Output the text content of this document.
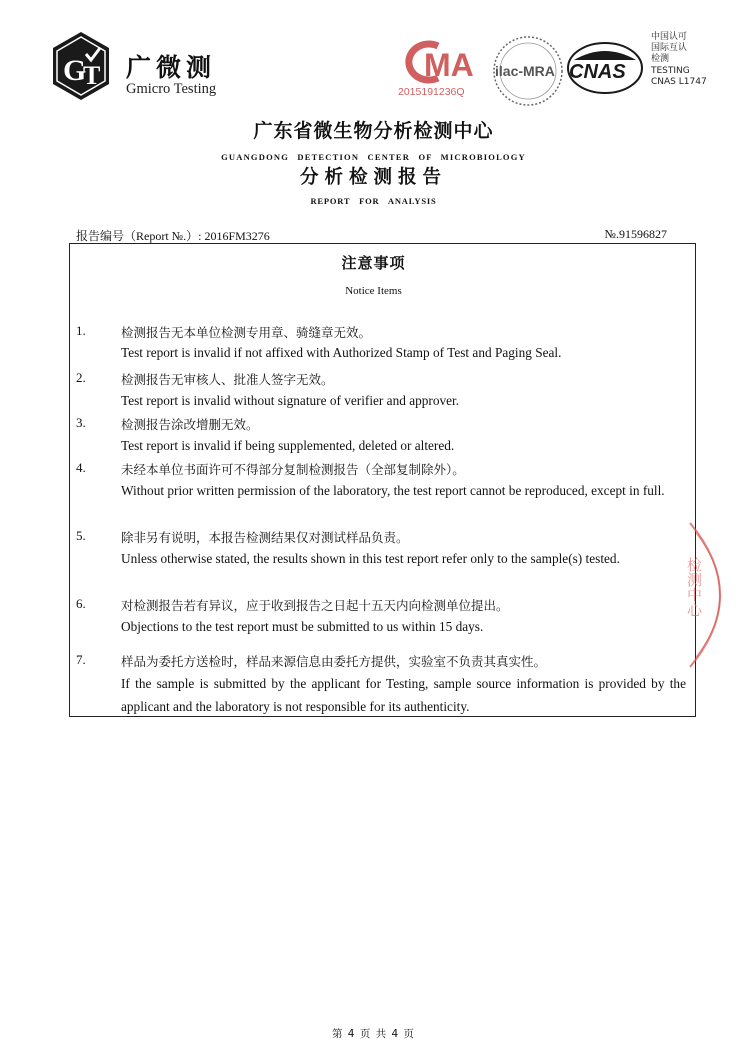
G
T 广微测
Gmicro Testing
MA
2015191236Q
ilac-MRA CNAS
中国认可
国际互认
检测
TESTING
CNAS L1747
广东省微生物分析检测中心
GUANGDONG DETECTION CENTER OF MICROBIOLOGY
分析检测报告
REPORT FOR ANALYSIS
报告编号（Report №.）: 2016FM3276	№.91596827
注意事项
Notice Items
1.	检测报告无本单位检测专用章、骑缝章无效。
Test report is invalid if not affixed with Authorized Stamp of Test and Paging Seal.
2.	检测报告无审核人、批准人签字无效。
Test report is invalid without signature of verifier and approver.
3.	检测报告涂改增删无效。
Test report is invalid if being supplemented, deleted or altered.
4.	未经本单位书面许可不得部分复制检测报告（全部复制除外）。
Without prior written permission of the laboratory, the test report cannot be reproduced, except in full.
5.	除非另有说明，本报告检测结果仅对测试样品负责。
Unless otherwise stated, the results shown in this test report refer only to the sample(s) tested.
6.	对检测报告若有异议，应于收到报告之日起十五天内向检测单位提出。
Objections to the test report must be submitted to us within 15 days.
7.	样品为委托方送检时，样品来源信息由委托方提供，实验室不负责其真实性。
If the sample is submitted by the applicant for Testing, sample source information is provided by the applicant and the laboratory is not responsible for its authenticity.
检测中心
第 4 页 共 4 页
